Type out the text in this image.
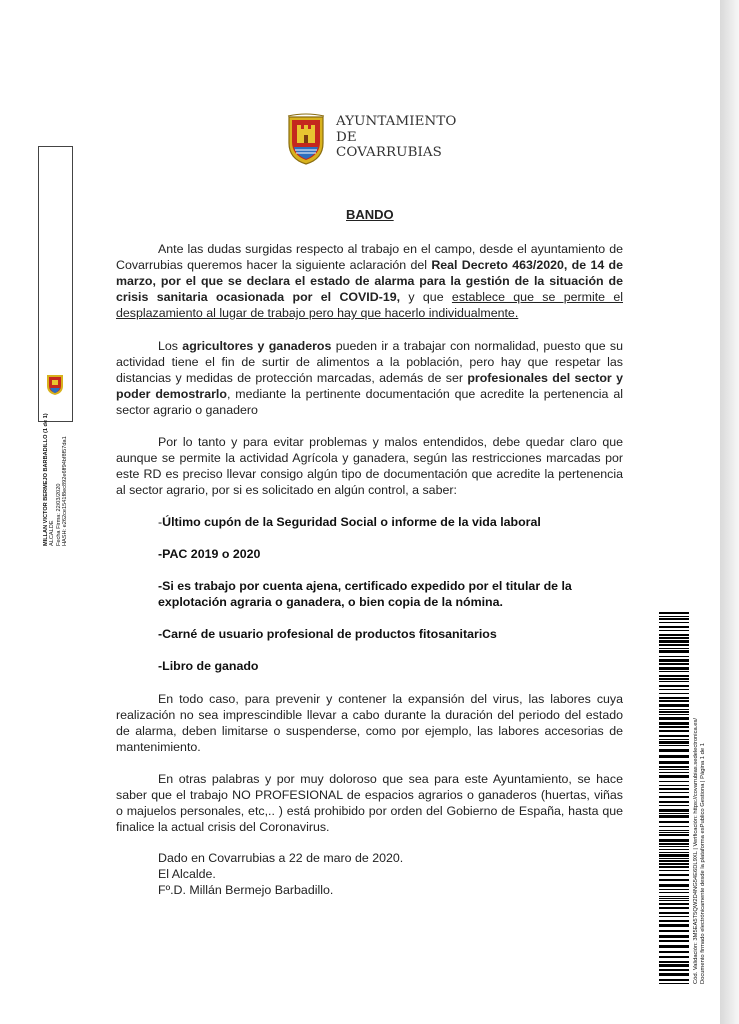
AYUNTAMIENTO
DE
COVARRUBIAS
MILLAN VICTOR BERMEJO BARBADILLO (1 de 1) ALCALDE Fecha Firma: 22/03/2020 HASH: e262ce1541f8ec892e6ff94bf8f57da1
BANDO
Ante las dudas surgidas respecto al trabajo en el campo, desde el ayuntamiento de Covarrubias queremos hacer la siguiente aclaración del Real Decreto 463/2020, de 14 de marzo, por el que se declara el estado de alarma para la gestión de la situación de crisis sanitaria ocasionada por el COVID-19, y que establece que se permite el desplazamiento al lugar de trabajo pero hay que hacerlo individualmente.
Los agricultores y ganaderos pueden ir a trabajar con normalidad, puesto que su actividad tiene el fin de surtir de alimentos a la población, pero hay que respetar las distancias y medidas de protección marcadas, además de ser profesionales del sector y poder demostrarlo, mediante la pertinente documentación que acredite la pertenencia al sector agrario o ganadero
Por lo tanto y para evitar problemas y malos entendidos, debe quedar claro que aunque se permite la actividad Agrícola y ganadera, según las restricciones marcadas por este RD es preciso llevar consigo algún tipo de documentación que acredite la pertenencia al sector agrario, por si es solicitado en algún control, a saber:
-Último cupón de la Seguridad Social o informe de la vida laboral
-PAC 2019 o 2020
-Si es trabajo por cuenta ajena, certificado expedido por el titular de la explotación agraria o ganadera, o bien copia de la nómina.
-Carné de usuario profesional de productos fitosanitarios
-Libro de ganado
En todo caso, para prevenir y contener la expansión del virus, las labores cuya realización no sea imprescindible llevar a cabo durante la duración del periodo del estado de alarma, deben limitarse o suspenderse, como por ejemplo, las labores accesorias de mantenimiento.
En otras palabras y por muy doloroso que sea para este Ayuntamiento, se hace saber que el trabajo NO PROFESIONAL de espacios agrarios o ganaderos (huertas, viñas o majuelos personales, etc,.. ) está prohibido por orden del Gobierno de España, hasta que finalice la actual crisis del Coronavirus.
Dado en Covarrubias a 22 de maro de 2020.
El Alcalde.
Fº.D. Millán Bermejo Barbadillo.	Cód. Validación: 3M5EA5T5QW2D4NG54E6DL9XL | Verificación: https://covarrubias.sedelectronica.es/ Documento firmado electrónicamente desde la plataforma esPublico Gestiona | Página 1 de 1
